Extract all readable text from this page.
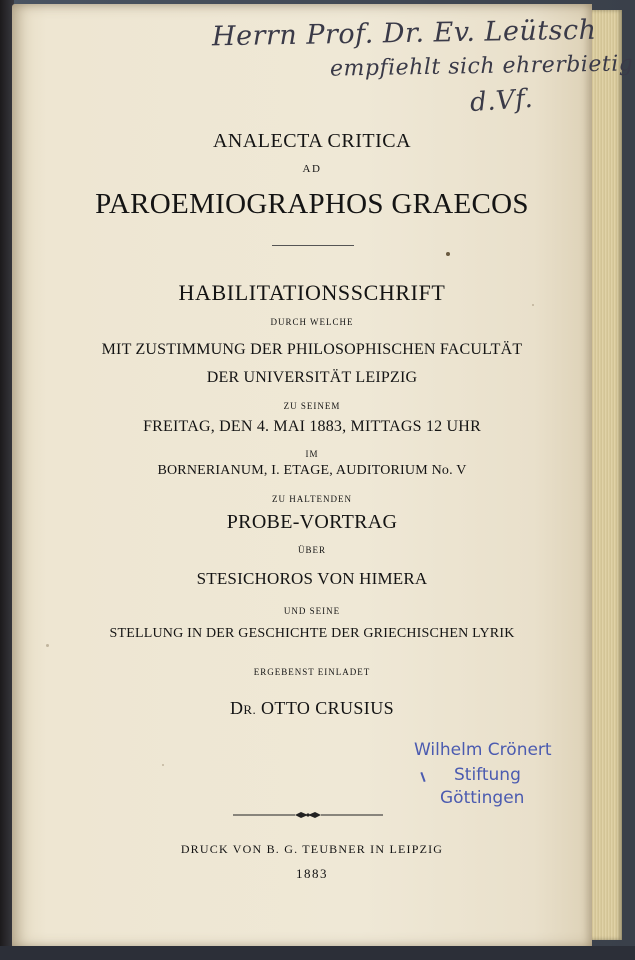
Herrn Prof. Dr. Ev. Leütsch
empfiehlt sich ehrerbietig
d.Vf.
ANALECTA CRITICA
AD
PAROEMIOGRAPHOS GRAECOS
HABILITATIONSSCHRIFT
DURCH WELCHE
MIT ZUSTIMMUNG DER PHILOSOPHISCHEN FACULTÄT
DER UNIVERSITÄT LEIPZIG
ZU SEINEM
FREITAG, DEN 4. MAI 1883, MITTAGS 12 UHR
IM
BORNERIANUM, I. ETAGE, AUDITORIUM No. V
ZU HALTENDEN
PROBE-VORTRAG
ÜBER
STESICHOROS VON HIMERA
UND SEINE
STELLUNG IN DER GESCHICHTE DER GRIECHISCHEN LYRIK
ERGEBENST EINLADET
DR. OTTO CRUSIUS
Wilhelm Crönert
Stiftung
Göttingen
DRUCK VON B. G. TEUBNER IN LEIPZIG
1883
